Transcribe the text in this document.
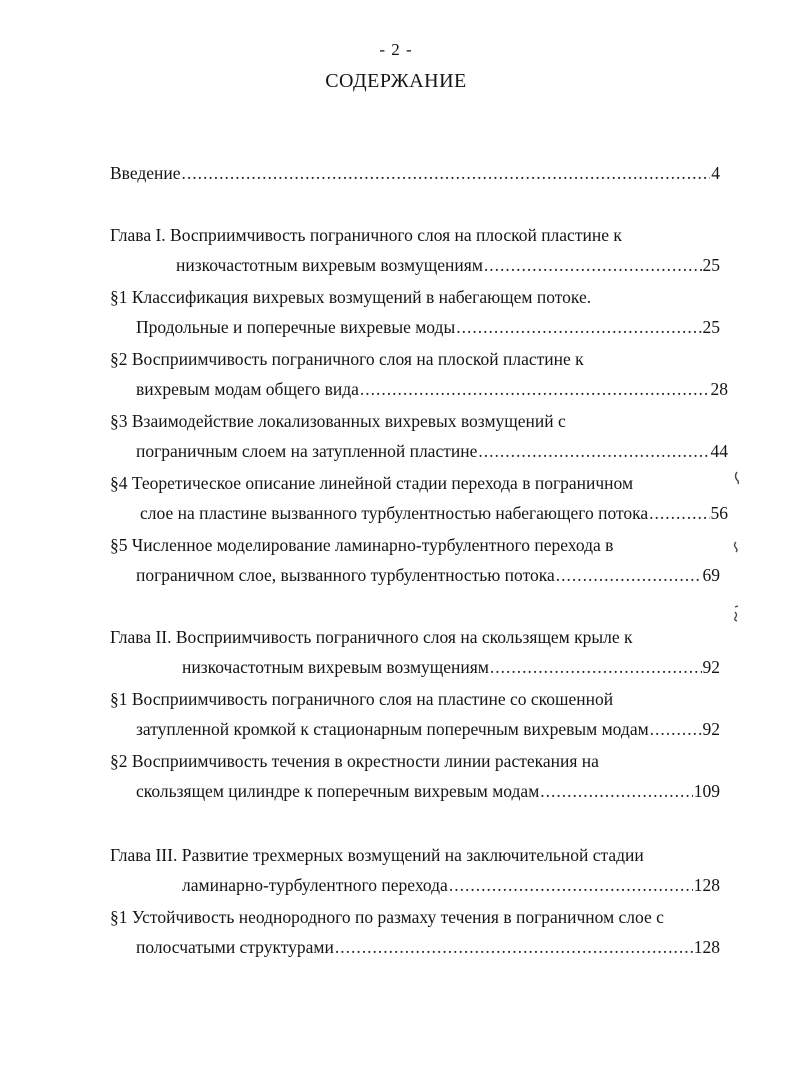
- 2 -
СОДЕРЖАНИЕ
Введение .....	4
Глава I. Восприимчивость пограничного слоя на плоской пластине к
низкочастотным вихревым возмущениям .....	25
§1 Классификация вихревых возмущений в набегающем потоке.
Продольные и поперечные вихревые моды .....	25
§2 Восприимчивость пограничного слоя на плоской пластине к
вихревым модам общего вида .....	28
§3 Взаимодействие локализованных вихревых возмущений с
пограничным слоем на затупленной пластине .....	44
§4 Теоретическое описание линейной стадии перехода в пограничном
слое на пластине вызванного турбулентностью набегающего потока .....	56
§5 Численное моделирование ламинарно-турбулентного перехода в
пограничном слое, вызванного турбулентностью потока .....	69
Глава II. Восприимчивость пограничного слоя на скользящем крыле к
низкочастотным вихревым возмущениям .....	92
§1 Восприимчивость пограничного слоя на пластине со скошенной
затупленной кромкой к стационарным поперечным вихревым модам .....	92
§2 Восприимчивость течения в окрестности линии растекания на
скользящем цилиндре к поперечным вихревым модам .....	109
Глава III. Развитие трехмерных возмущений на заключительной стадии
ламинарно-турбулентного перехода .....	128
§1 Устойчивость неоднородного по размаху течения в пограничном слое с
полосчатыми структурами .....	128
